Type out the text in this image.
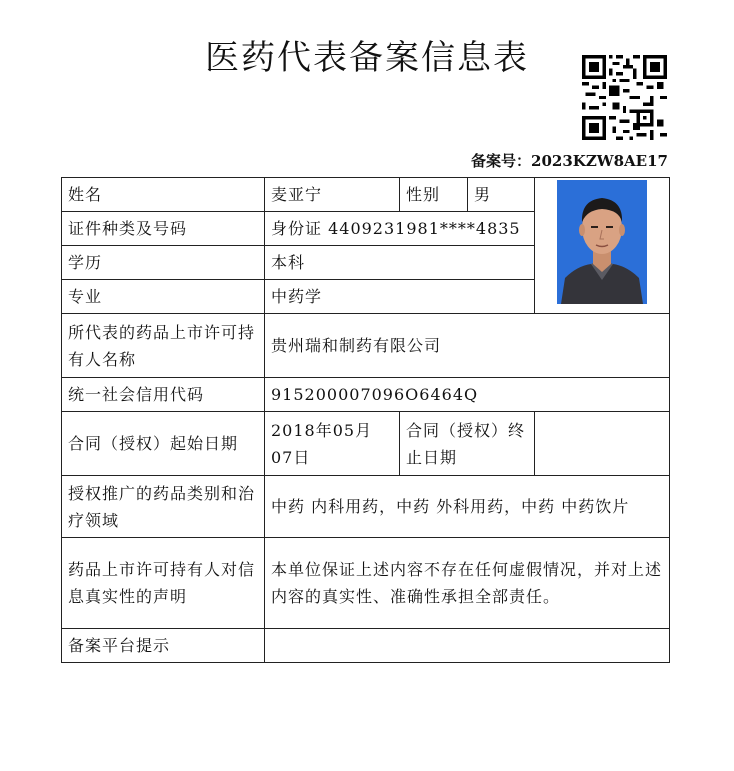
医药代表备案信息表
备案号：2023KZW8AE17
姓名	麦亚宁	性别	男	

证件种类及号码	身份证 4409231981****4835			
学历	本科			
专业	中药学			
所代表的药品上市许可持有人名称	贵州瑞和制药有限公司			
统一社会信用代码	915200007096O6464Q			
合同（授权）起始日期	2018年05月07日	合同（授权）终止日期		
授权推广的药品类别和治疗领域	中药 内科用药，中药 外科用药，中药 中药饮片			
药品上市许可持有人对信息真实性的声明	本单位保证上述内容不存在任何虚假情况，并对上述内容的真实性、准确性承担全部责任。			
备案平台提示				
